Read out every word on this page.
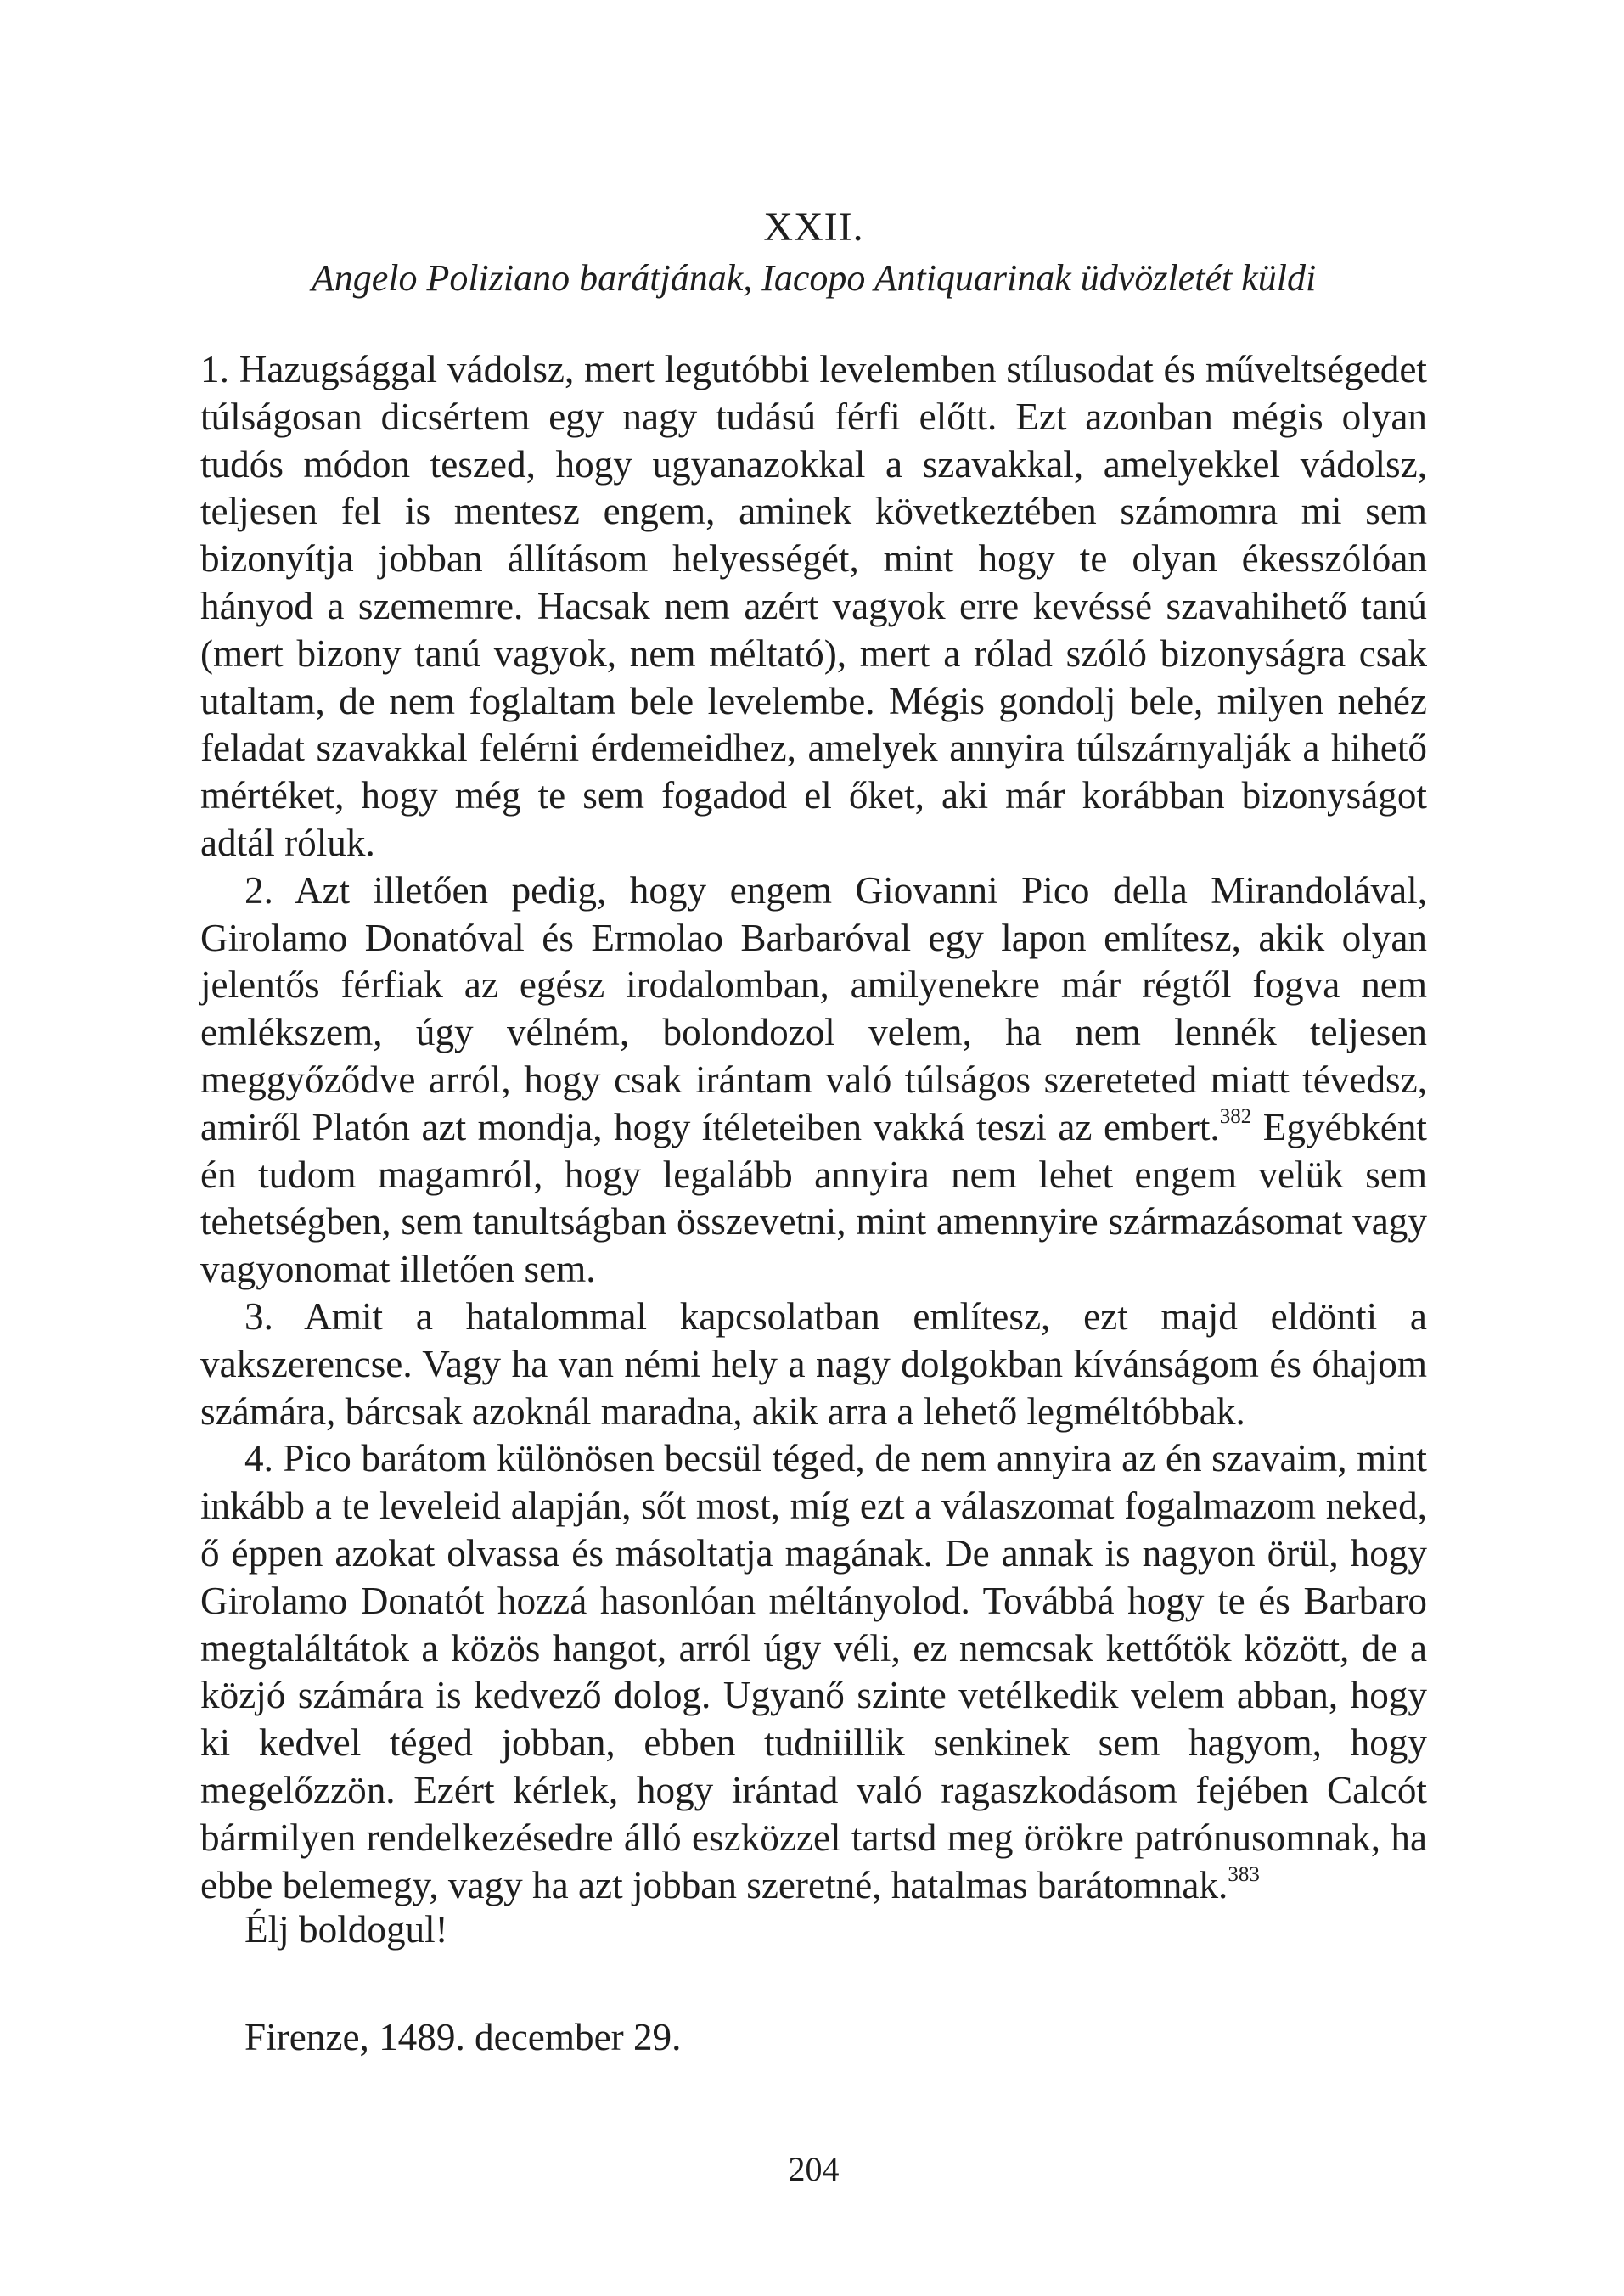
XXII.
Angelo Poliziano barátjának, Iacopo Antiquarinak üdvözletét küldi

1. Hazugsággal vádolsz, mert legutóbbi levelemben stílusodat és műveltségedet túlságosan dicsértem egy nagy tudású férfi előtt. Ezt azonban mégis olyan tudós módon teszed, hogy ugyanazokkal a szavakkal, amelyekkel vádolsz, teljesen fel is mentesz engem, aminek következtében számomra mi sem bizonyítja jobban állításom helyességét, mint hogy te olyan ékesszólóan hányod a szememre. Hacsak nem azért vagyok erre kevéssé szavahihető tanú (mert bizony tanú vagyok, nem méltató), mert a rólad szóló bizonyságra csak utaltam, de nem foglaltam bele levelembe. Mégis gondolj bele, milyen nehéz feladat szavakkal felérni érdemeidhez, amelyek annyira túlszárnyalják a hihető mértéket, hogy még te sem fogadod el őket, aki már korábban bizonyságot adtál róluk.

2. Azt illetően pedig, hogy engem Giovanni Pico della Mirandolával, Girolamo Donatóval és Ermolao Barbaróval egy lapon említesz, akik olyan jelentős férfiak az egész irodalomban, amilyenekre már régtől fogva nem emlékszem, úgy vélném, bolondozol velem, ha nem lennék teljesen meggyőződve arról, hogy csak irántam való túlságos szereteted miatt tévedsz, amiről Platón azt mondja, hogy ítéleteiben vakká teszi az embert.$^{382}$ Egyébként én tudom magamról, hogy legalább annyira nem lehet engem velük sem tehetségben, sem tanultságban összevetni, mint amennyire származásomat vagy vagyonomat illetően sem.

3. Amit a hatalommal kapcsolatban említesz, ezt majd eldönti a vakszerencse. Vagy ha van némi hely a nagy dolgokban kívánságom és óhajom számára, bárcsak azoknál maradna, akik arra a lehető legméltóbbak.

4. Pico barátom különösen becsül téged, de nem annyira az én szavaim, mint inkább a te leveleid alapján, sőt most, míg ezt a válaszomat fogalmazom neked, ő éppen azokat olvassa és másoltatja magának. De annak is nagyon örül, hogy Girolamo Donatót hozzá hasonlóan méltányolod. Továbbá hogy te és Barbaro megtaláltátok a közös hangot, arról úgy véli, ez nemcsak kettőtök között, de a közjó számára is kedvező dolog. Ugyanő szinte vetélkedik velem abban, hogy ki kedvel téged jobban, ebben tudniillik senkinek sem hagyom, hogy megelőzzön. Ezért kérlek, hogy irántad való ragaszkodásom fejében Calcót bármilyen rendelkezésedre álló eszközzel tartsd meg örökre patrónusomnak, ha ebbe belemegy, vagy ha azt jobban szeretné, hatalmas barátomnak.$^{383}$

Élj boldogul!
Firenze, 1489. december 29.
204
